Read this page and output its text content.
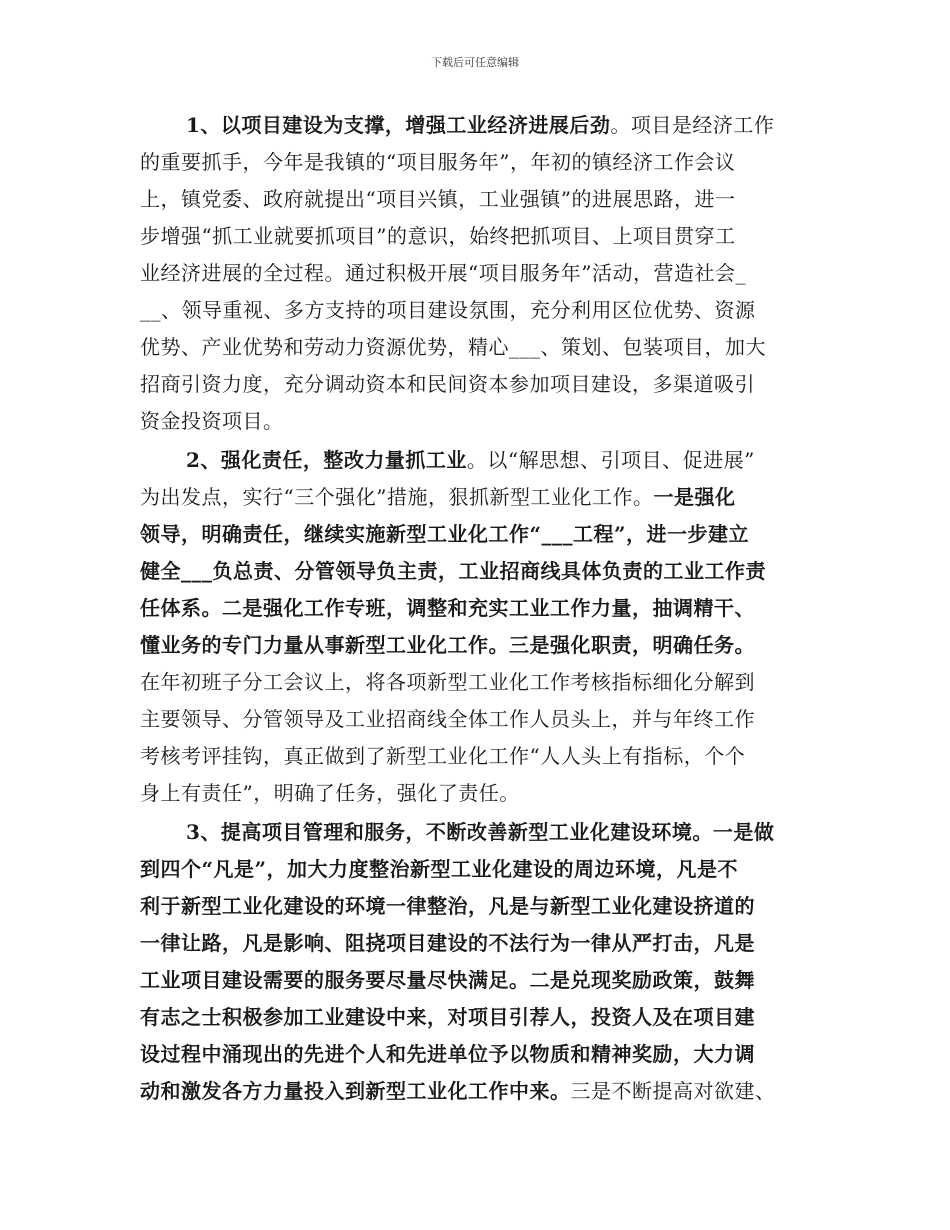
下载后可任意编辑
1、以项目建设为支撑，增强工业经济进展后劲。项目是经济工作
的重要抓手，今年是我镇的“项目服务年”，年初的镇经济工作会议
上，镇党委、政府就提出“项目兴镇，工业强镇”的进展思路，进一
步增强“抓工业就要抓项目”的意识，始终把抓项目、上项目贯穿工
业经济进展的全过程。通过积极开展“项目服务年”活动，营造社会_
__、领导重视、多方支持的项目建设氛围，充分利用区位优势、资源
优势、产业优势和劳动力资源优势，精心___、策划、包装项目，加大
招商引资力度，充分调动资本和民间资本参加项目建设，多渠道吸引
资金投资项目。
2、强化责任，整改力量抓工业。以“解思想、引项目、促进展”
为出发点，实行“三个强化”措施，狠抓新型工业化工作。一是强化
领导，明确责任，继续实施新型工业化工作“___工程”，进一步建立
健全___负总责、分管领导负主责，工业招商线具体负责的工业工作责
任体系。二是强化工作专班，调整和充实工业工作力量，抽调精干、
懂业务的专门力量从事新型工业化工作。三是强化职责，明确任务。
在年初班子分工会议上，将各项新型工业化工作考核指标细化分解到
主要领导、分管领导及工业招商线全体工作人员头上，并与年终工作
考核考评挂钩，真正做到了新型工业化工作“人人头上有指标，个个
身上有责任”，明确了任务，强化了责任。
3、提高项目管理和服务，不断改善新型工业化建设环境。一是做
到四个“凡是”，加大力度整治新型工业化建设的周边环境，凡是不
利于新型工业化建设的环境一律整治，凡是与新型工业化建设挤道的
一律让路，凡是影响、阻挠项目建设的不法行为一律从严打击，凡是
工业项目建设需要的服务要尽量尽快满足。二是兑现奖励政策，鼓舞
有志之士积极参加工业建设中来，对项目引荐人，投资人及在项目建
设过程中涌现出的先进个人和先进单位予以物质和精神奖励，大力调
动和激发各方力量投入到新型工业化工作中来。三是不断提高对欲建、
